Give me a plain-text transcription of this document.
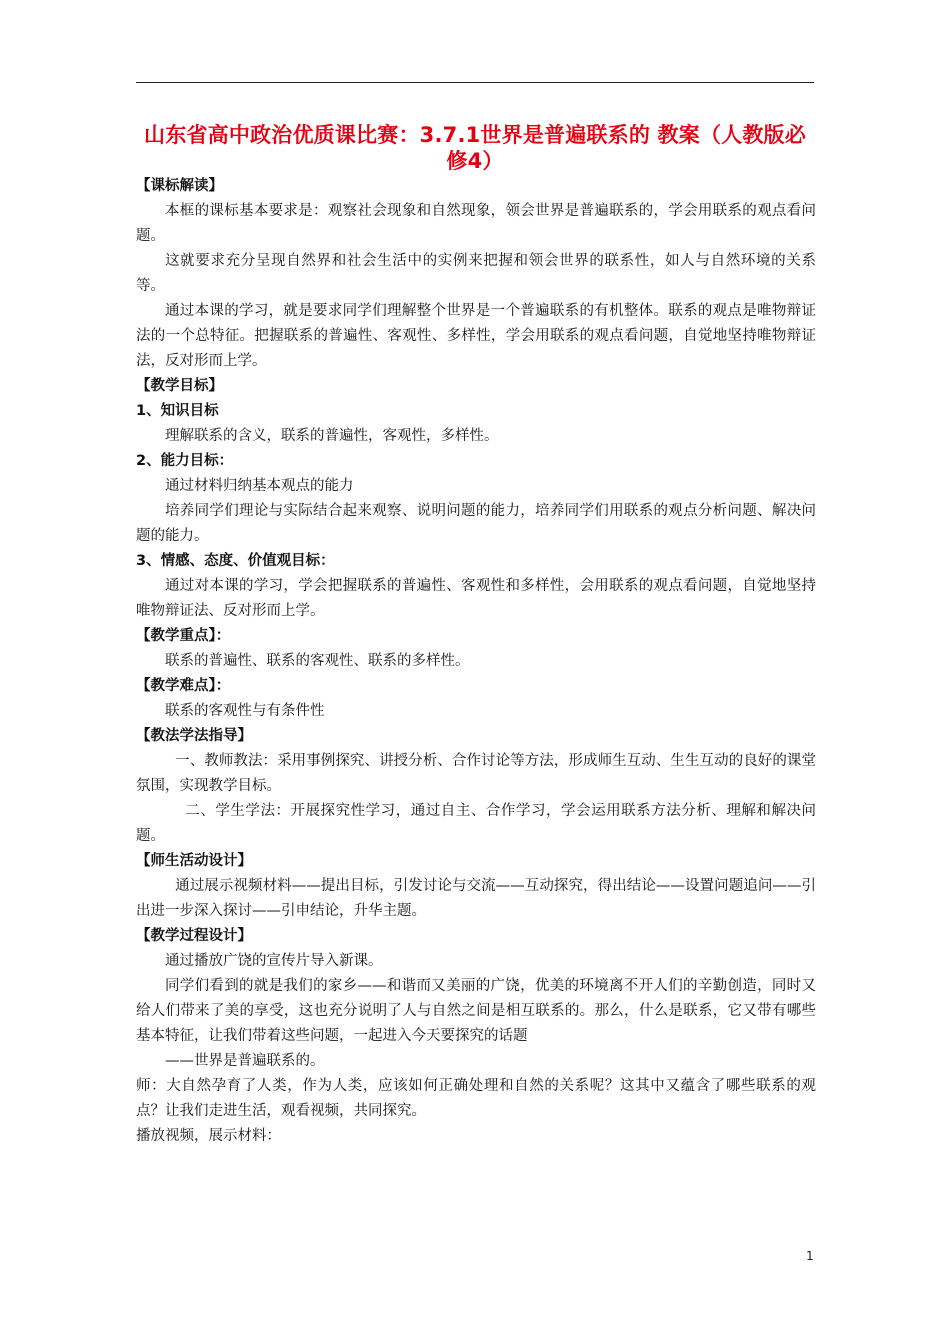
山东省高中政治优质课比赛：3.7.1世界是普遍联系的 教案（人教版必修4）

【课标解读】

本框的课标基本要求是：观察社会现象和自然现象，领会世界是普遍联系的，学会用联系的观点看问题。

这就要求充分呈现自然界和社会生活中的实例来把握和领会世界的联系性，如人与自然环境的关系等。

通过本课的学习，就是要求同学们理解整个世界是一个普遍联系的有机整体。联系的观点是唯物辩证法的一个总特征。把握联系的普遍性、客观性、多样性，学会用联系的观点看问题，自觉地坚持唯物辩证法，反对形而上学。

【教学目标】

1、知识目标

理解联系的含义，联系的普遍性，客观性，多样性。

2、能力目标：

通过材料归纳基本观点的能力

培养同学们理论与实际结合起来观察、说明问题的能力，培养同学们用联系的观点分析问题、解决问题的能力。

3、情感、态度、价值观目标：

通过对本课的学习，学会把握联系的普遍性、客观性和多样性，会用联系的观点看问题，自觉地坚持唯物辩证法、反对形而上学。

【教学重点】：

联系的普遍性、联系的客观性、联系的多样性。

【教学难点】：

联系的客观性与有条件性

【教法学法指导】

一、教师教法：采用事例探究、讲授分析、合作讨论等方法，形成师生互动、生生互动的良好的课堂氛围，实现教学目标。

二、学生学法：开展探究性学习，通过自主、合作学习，学会运用联系方法分析、理解和解决问题。

【师生活动设计】

通过展示视频材料——提出目标，引发讨论与交流——互动探究，得出结论——设置问题追问——引出进一步深入探讨——引申结论，升华主题。

【教学过程设计】

通过播放广饶的宣传片导入新课。

同学们看到的就是我们的家乡——和谐而又美丽的广饶，优美的环境离不开人们的辛勤创造，同时又给人们带来了美的享受，这也充分说明了人与自然之间是相互联系的。那么，什么是联系，它又带有哪些基本特征，让我们带着这些问题，一起进入今天要探究的话题

——世界是普遍联系的。

师：大自然孕育了人类，作为人类，应该如何正确处理和自然的关系呢？这其中又蕴含了哪些联系的观点？让我们走进生活，观看视频，共同探究。

播放视频，展示材料：

1
